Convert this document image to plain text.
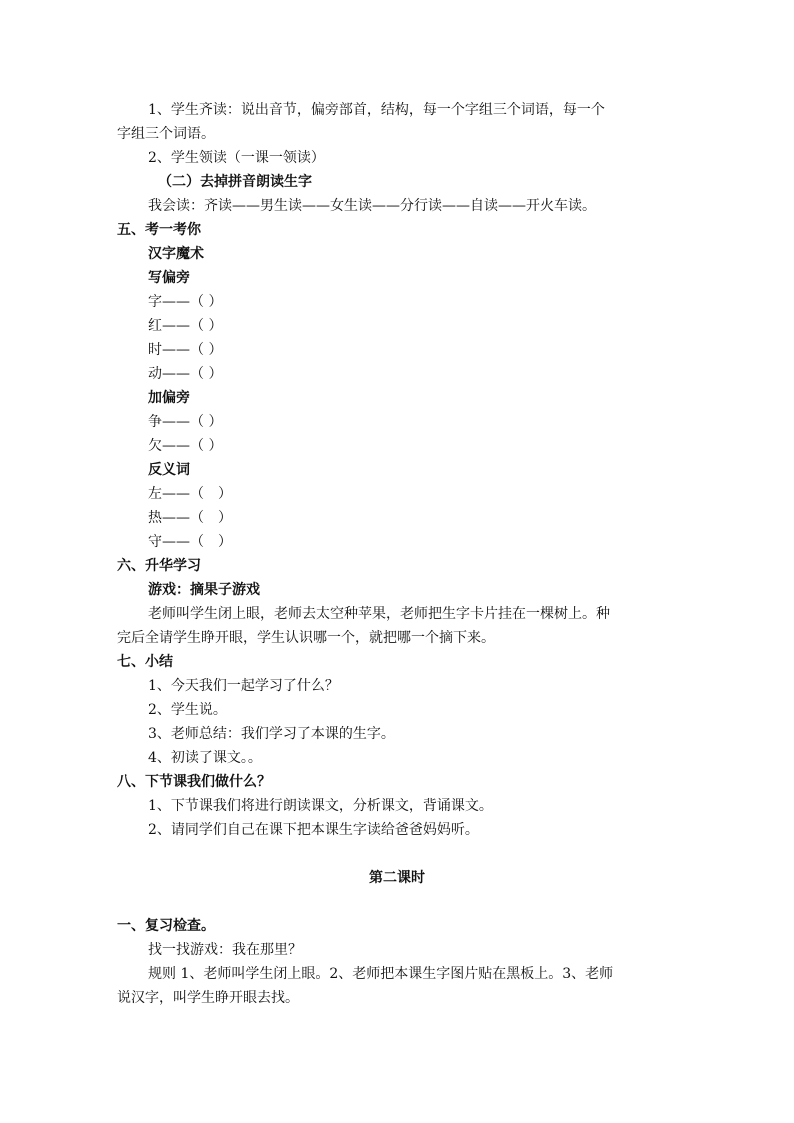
1、学生齐读：说出音节，偏旁部首，结构，每一个字组三个词语，每一个
字组三个词语。
2、学生领读（一课一领读）
（二）去掉拼音朗读生字
我会读：齐读——男生读——女生读——分行读——自读——开火车读。
五、考一考你
汉字魔术
写偏旁
字——（ ）
红——（ ）
时——（ ）
动——（ ）
加偏旁
争——（ ）
欠——（ ）
反义词
左——（　）
热——（　）
守——（　）
六、升华学习
游戏：摘果子游戏
老师叫学生闭上眼，老师去太空种苹果，老师把生字卡片挂在一棵树上。种
完后全请学生睁开眼，学生认识哪一个，就把哪一个摘下来。
七、小结
1、今天我们一起学习了什么？
2、学生说。
3、老师总结：我们学习了本课的生字。
4、初读了课文。。
八、下节课我们做什么？
1、下节课我们将进行朗读课文，分析课文，背诵课文。
2、请同学们自己在课下把本课生字读给爸爸妈妈听。
第二课时
一、复习检查。
找一找游戏：我在那里？
规则 1、老师叫学生闭上眼。2、老师把本课生字图片贴在黑板上。3、老师
说汉字，叫学生睁开眼去找。
